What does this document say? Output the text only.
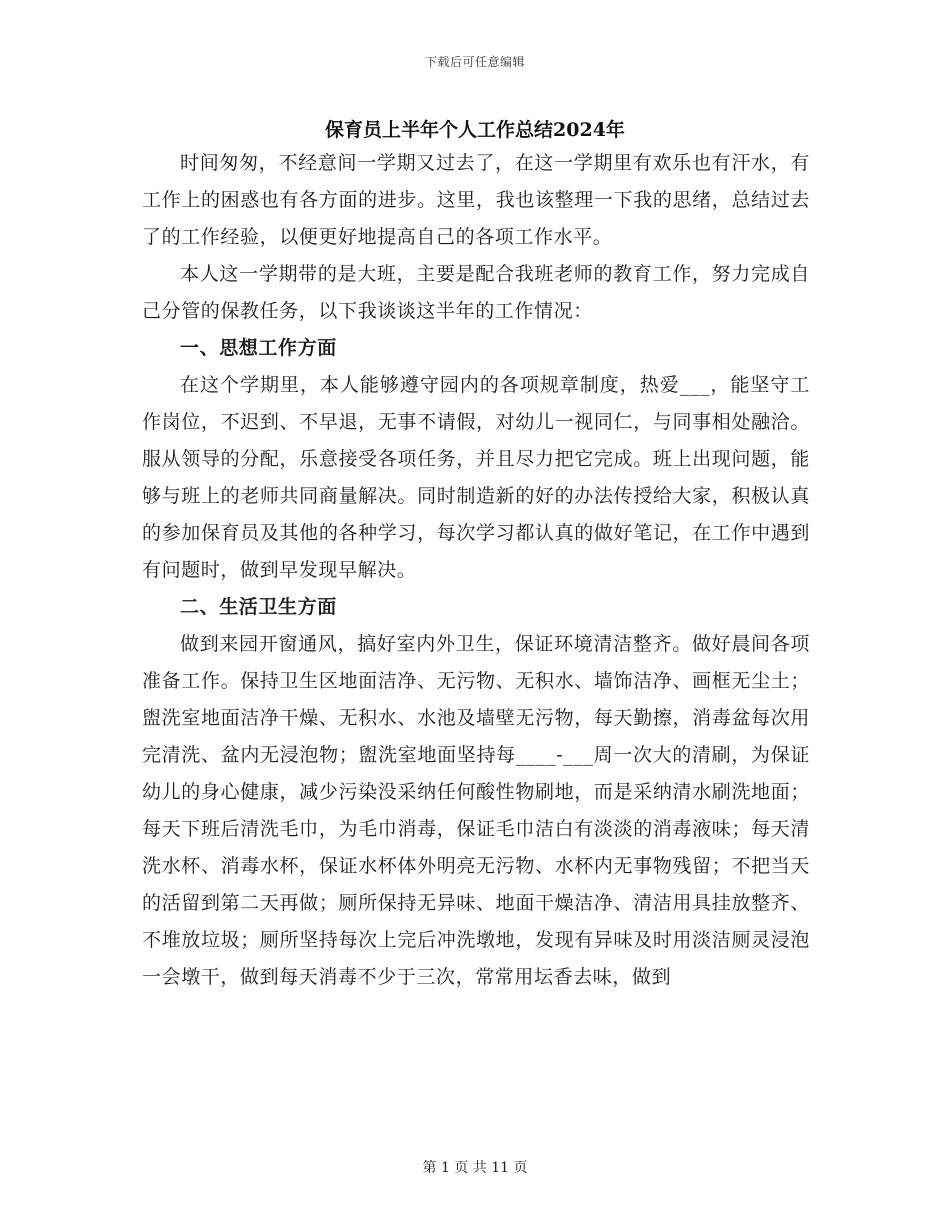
下载后可任意编辑
保育员上半年个人工作总结2024年

时间匆匆，不经意间一学期又过去了，在这一学期里有欢乐也有汗水，有工作上的困惑也有各方面的进步。这里，我也该整理一下我的思绪，总结过去了的工作经验，以便更好地提高自己的各项工作水平。

本人这一学期带的是大班，主要是配合我班老师的教育工作，努力完成自己分管的保教任务，以下我谈谈这半年的工作情况：

一、思想工作方面

在这个学期里，本人能够遵守园内的各项规章制度，热爱___，能坚守工作岗位，不迟到、不早退，无事不请假，对幼儿一视同仁，与同事相处融洽。服从领导的分配，乐意接受各项任务，并且尽力把它完成。班上出现问题，能够与班上的老师共同商量解决。同时制造新的好的办法传授给大家，积极认真的参加保育员及其他的各种学习，每次学习都认真的做好笔记，在工作中遇到有问题时，做到早发现早解决。

二、生活卫生方面

做到来园开窗通风，搞好室内外卫生，保证环境清洁整齐。做好晨间各项准备工作。保持卫生区地面洁净、无污物、无积水、墙饰洁净、画框无尘土；盥洗室地面洁净干燥、无积水、水池及墙壁无污物，每天勤擦，消毒盆每次用完清洗、盆内无浸泡物；盥洗室地面坚持每____-___周一次大的清刷，为保证幼儿的身心健康，减少污染没采纳任何酸性物刷地，而是采纳清水刷洗地面；每天下班后清洗毛巾，为毛巾消毒，保证毛巾洁白有淡淡的消毒液味；每天清洗水杯、消毒水杯，保证水杯体外明亮无污物、水杯内无事物残留；不把当天的活留到第二天再做；厕所保持无异味、地面干燥洁净、清洁用具挂放整齐、不堆放垃圾；厕所坚持每次上完后冲洗墩地，发现有异味及时用淡洁厕灵浸泡一会墩干，做到每天消毒不少于三次，常常用坛香去味，做到

第 1 页 共 11 页
